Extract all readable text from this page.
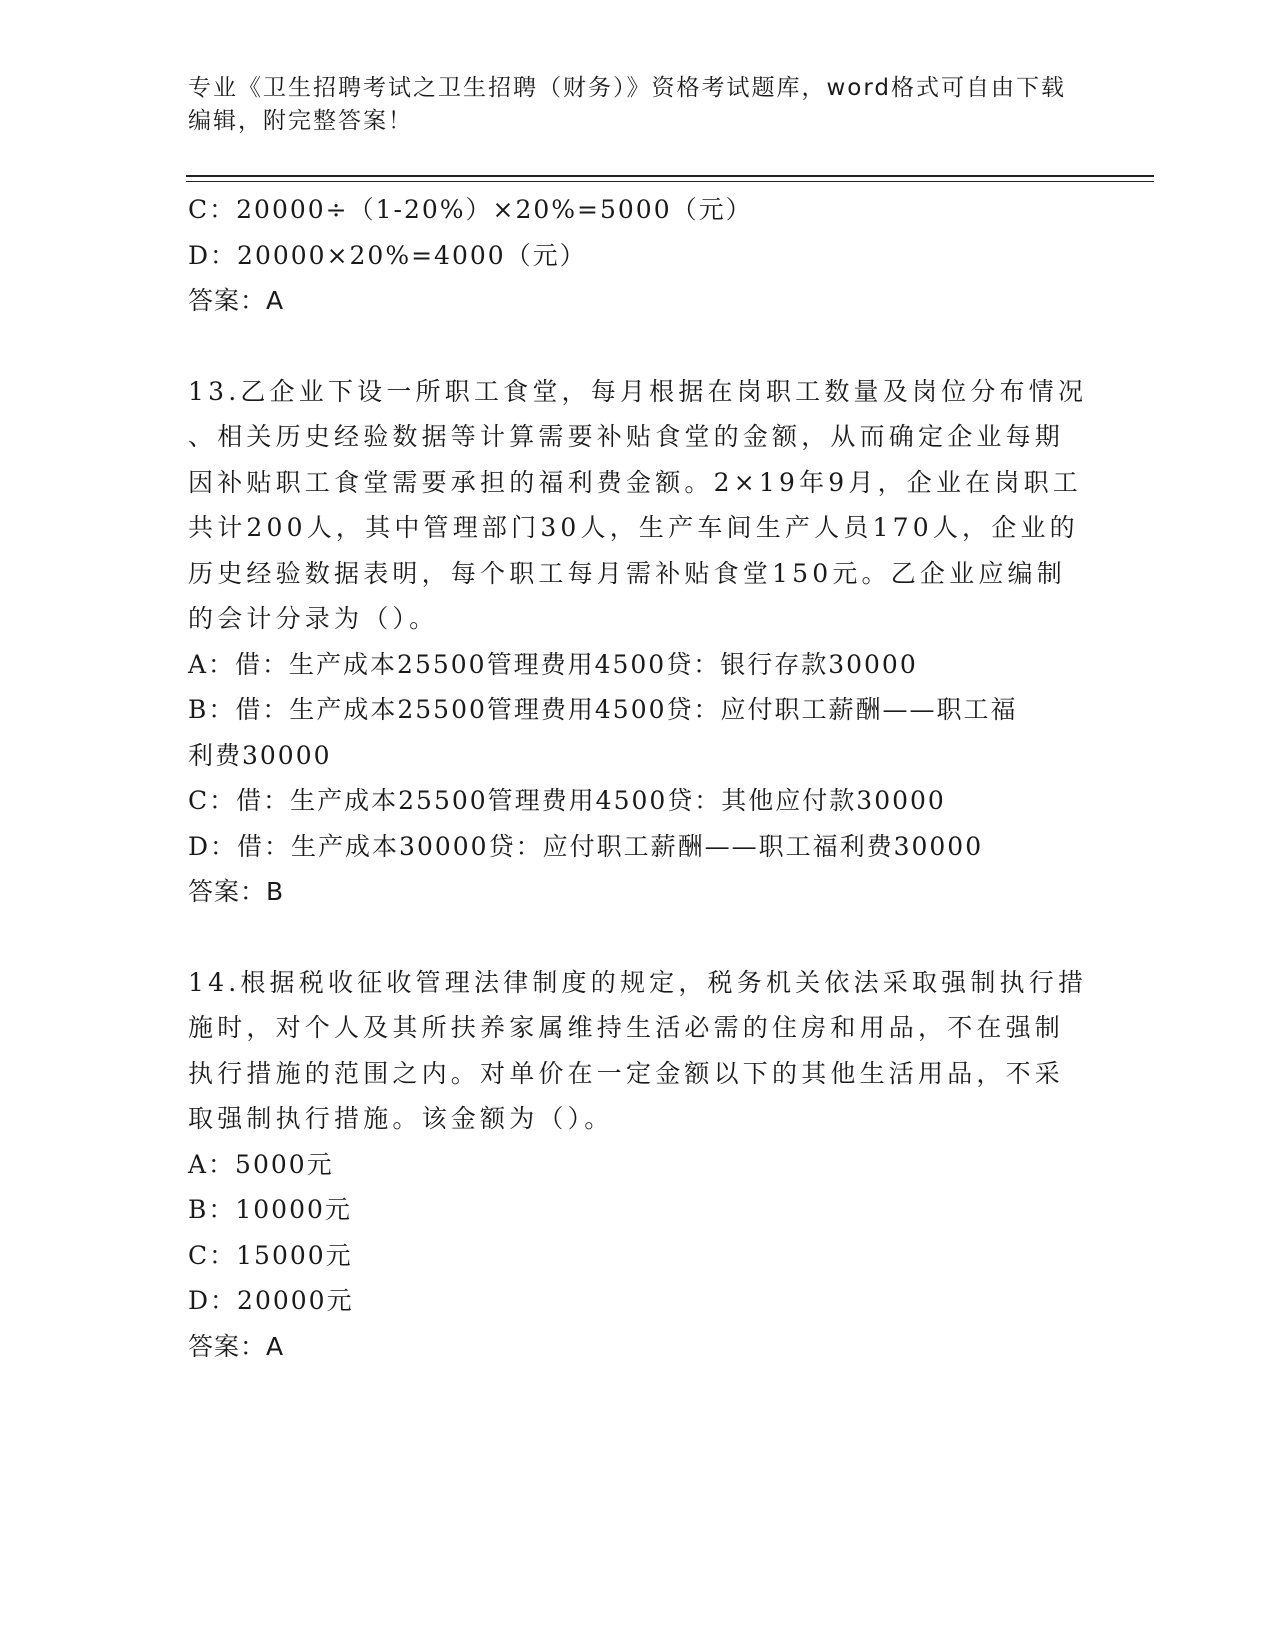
专业《卫生招聘考试之卫生招聘（财务）》资格考试题库，word格式可自由下载
编辑，附完整答案！
C：20000÷（1-20%）×20%=5000（元）
D：20000×20%=4000（元）
答案：A
13.乙企业下设一所职工食堂，每月根据在岗职工数量及岗位分布情况
、相关历史经验数据等计算需要补贴食堂的金额，从而确定企业每期
因补贴职工食堂需要承担的福利费金额。2×19年9月，企业在岗职工
共计200人，其中管理部门30人，生产车间生产人员170人，企业的
历史经验数据表明，每个职工每月需补贴食堂150元。乙企业应编制
的会计分录为（）。
A：借：生产成本25500管理费用4500贷：银行存款30000
B：借：生产成本25500管理费用4500贷：应付职工薪酬——职工福
利费30000
C：借：生产成本25500管理费用4500贷：其他应付款30000
D：借：生产成本30000贷：应付职工薪酬——职工福利费30000
答案：B
14.根据税收征收管理法律制度的规定，税务机关依法采取强制执行措
施时，对个人及其所扶养家属维持生活必需的住房和用品，不在强制
执行措施的范围之内。对单价在一定金额以下的其他生活用品，不采
取强制执行措施。该金额为（）。
A：5000元
B：10000元
C：15000元
D：20000元
答案：A
